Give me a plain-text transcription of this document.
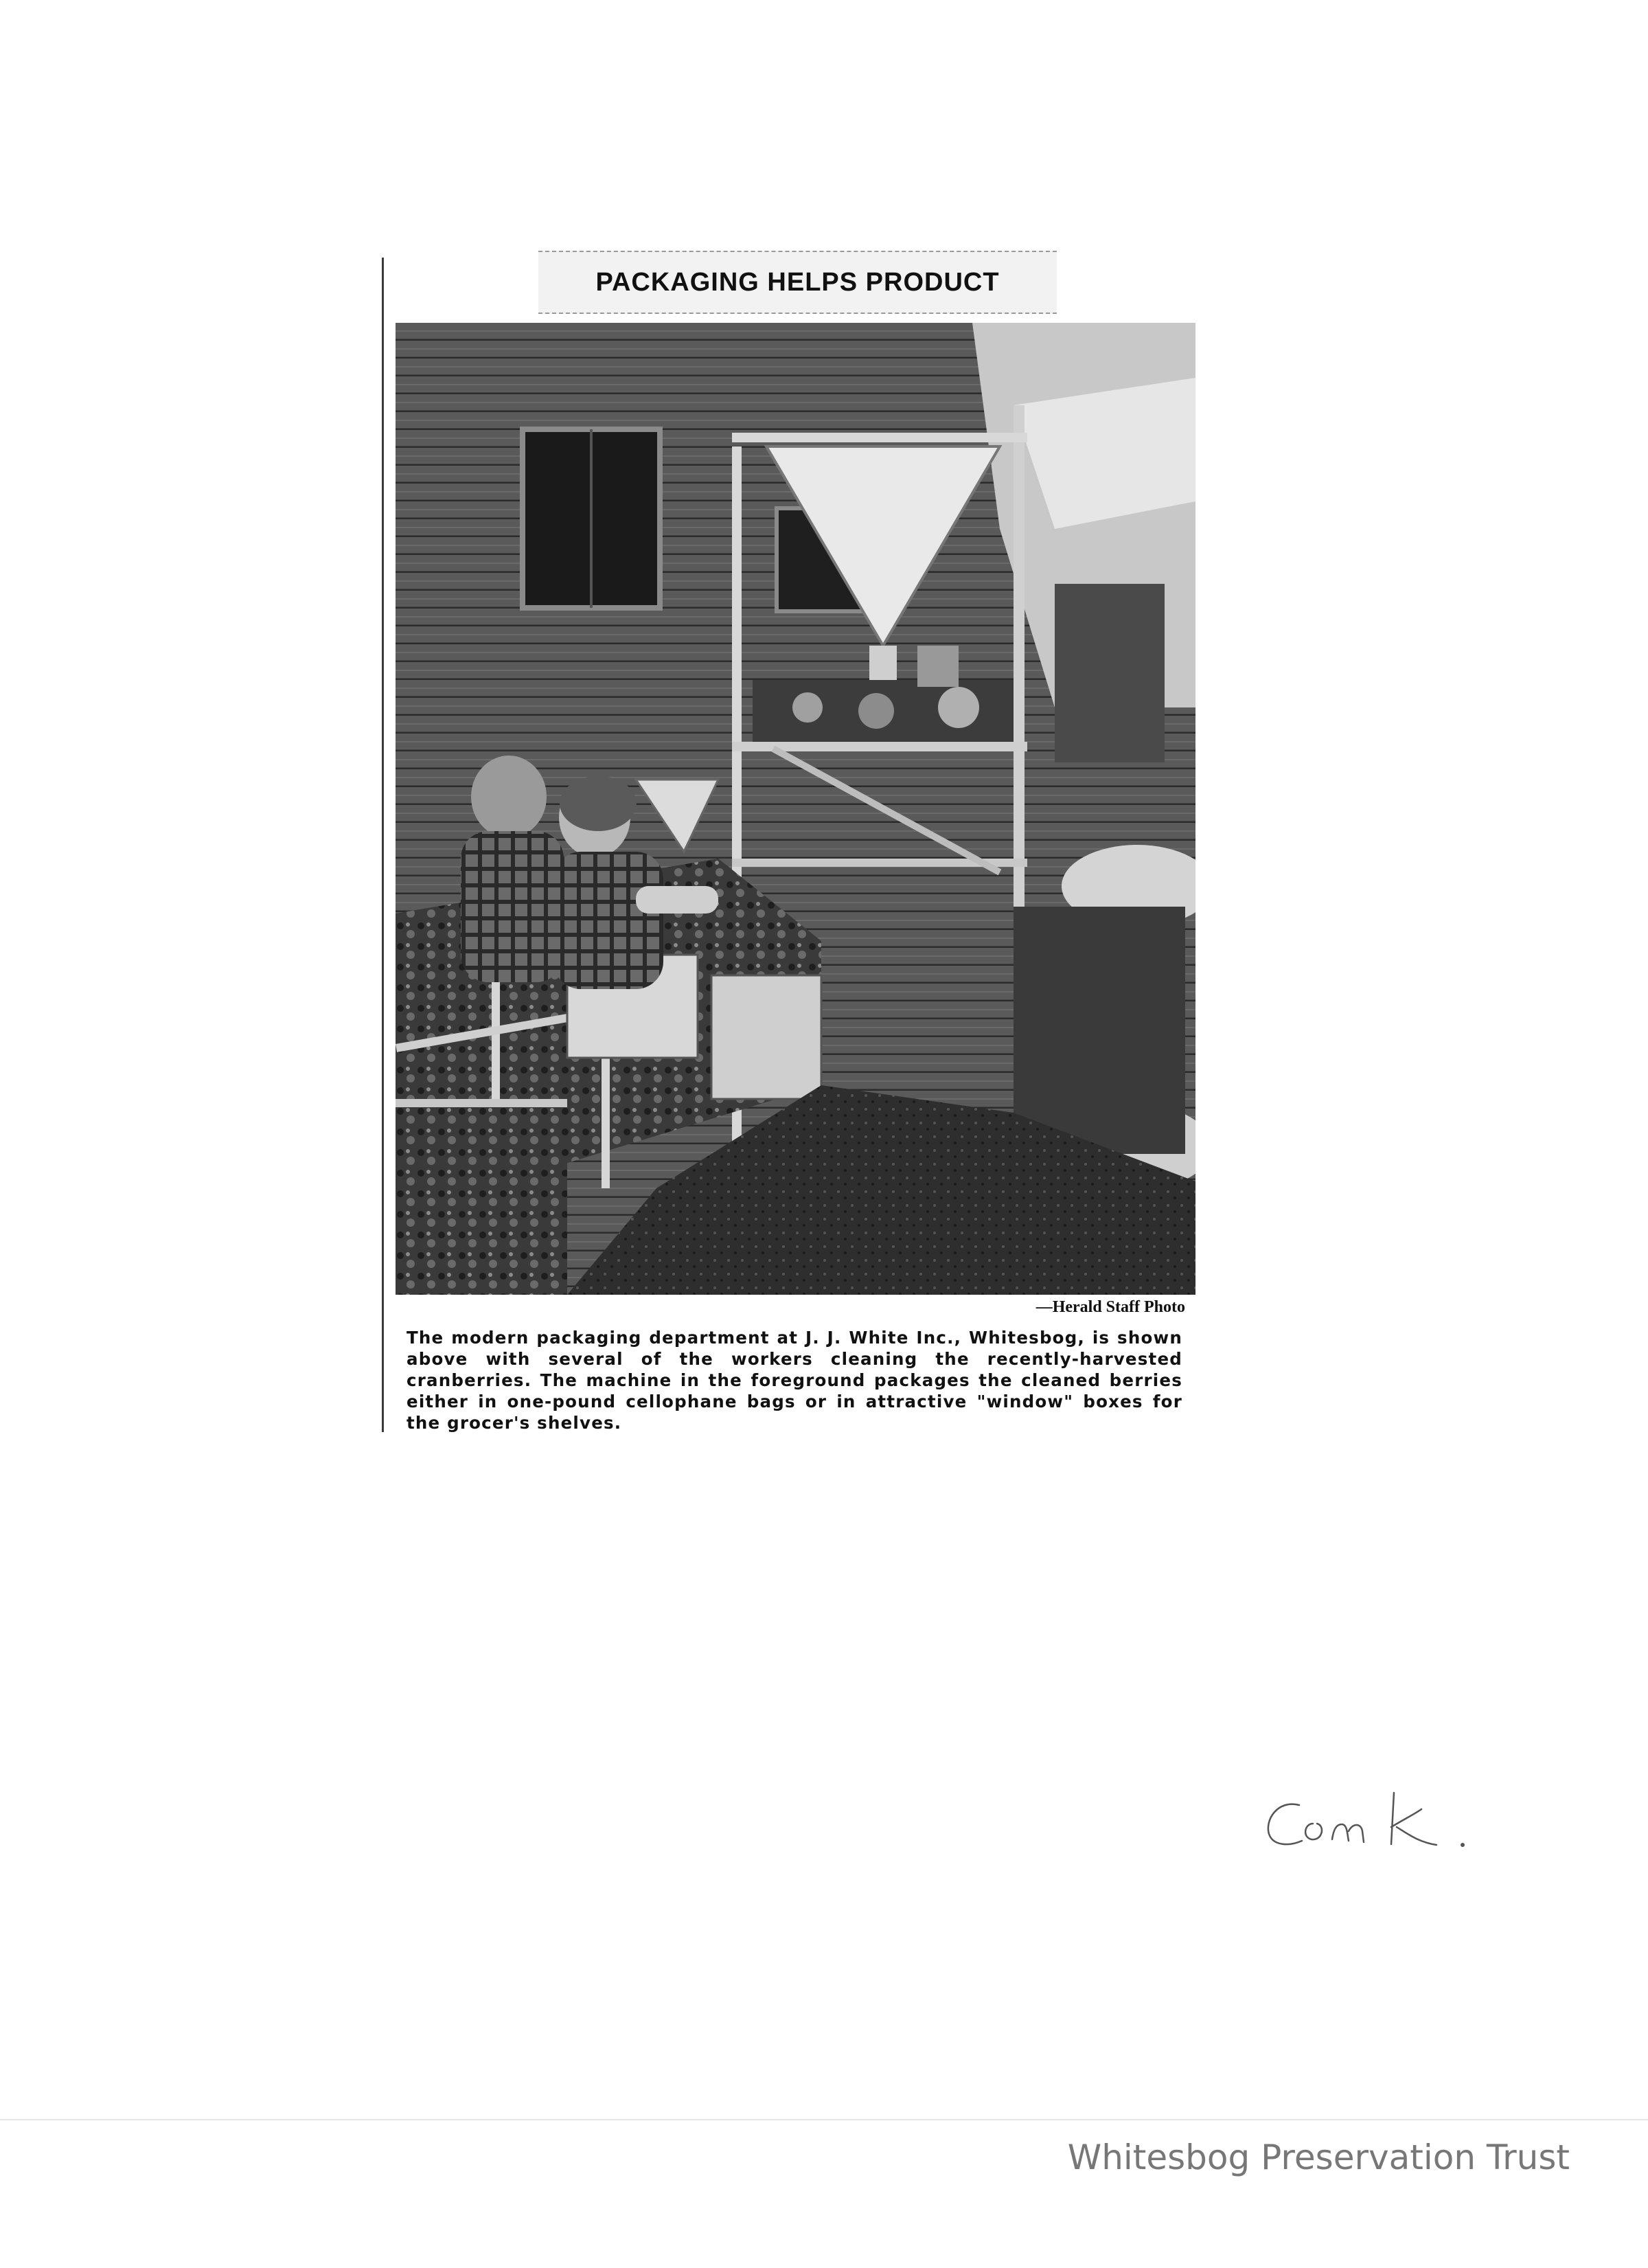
PACKAGING HELPS PRODUCT
—Herald Staff Photo
The modern packaging department at J. J. White Inc., Whitesbog, is shown above with several of the workers cleaning the recently-harvested cranberries. The machine in the foreground packages the cleaned berries either in one-pound cellophane bags or in attractive "window" boxes for the grocer's shelves.
Whitesbog Preservation Trust
